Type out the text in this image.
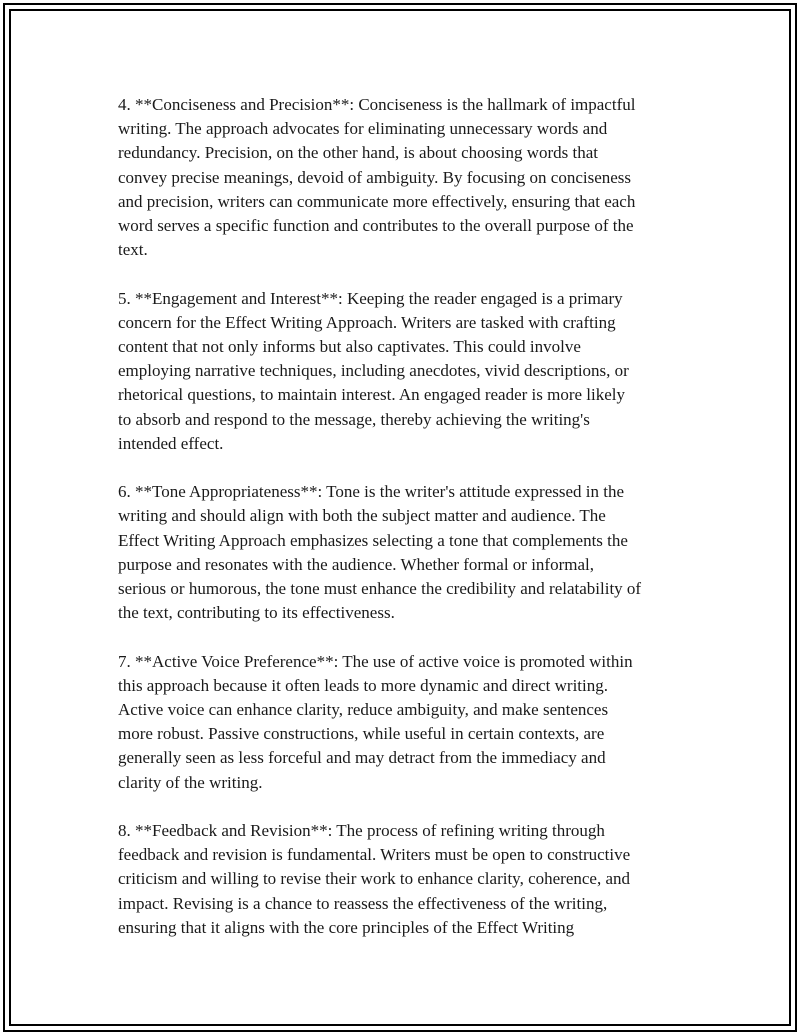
4. **Conciseness and Precision**: Conciseness is the hallmark of impactful
writing. The approach advocates for eliminating unnecessary words and
redundancy. Precision, on the other hand, is about choosing words that
convey precise meanings, devoid of ambiguity. By focusing on conciseness
and precision, writers can communicate more effectively, ensuring that each
word serves a specific function and contributes to the overall purpose of the
text.

5. **Engagement and Interest**: Keeping the reader engaged is a primary
concern for the Effect Writing Approach. Writers are tasked with crafting
content that not only informs but also captivates. This could involve
employing narrative techniques, including anecdotes, vivid descriptions, or
rhetorical questions, to maintain interest. An engaged reader is more likely
to absorb and respond to the message, thereby achieving the writing's
intended effect.

6. **Tone Appropriateness**: Tone is the writer's attitude expressed in the
writing and should align with both the subject matter and audience. The
Effect Writing Approach emphasizes selecting a tone that complements the
purpose and resonates with the audience. Whether formal or informal,
serious or humorous, the tone must enhance the credibility and relatability of
the text, contributing to its effectiveness.

7. **Active Voice Preference**: The use of active voice is promoted within
this approach because it often leads to more dynamic and direct writing.
Active voice can enhance clarity, reduce ambiguity, and make sentences
more robust. Passive constructions, while useful in certain contexts, are
generally seen as less forceful and may detract from the immediacy and
clarity of the writing.

8. **Feedback and Revision**: The process of refining writing through
feedback and revision is fundamental. Writers must be open to constructive
criticism and willing to revise their work to enhance clarity, coherence, and
impact. Revising is a chance to reassess the effectiveness of the writing,
ensuring that it aligns with the core principles of the Effect Writing
